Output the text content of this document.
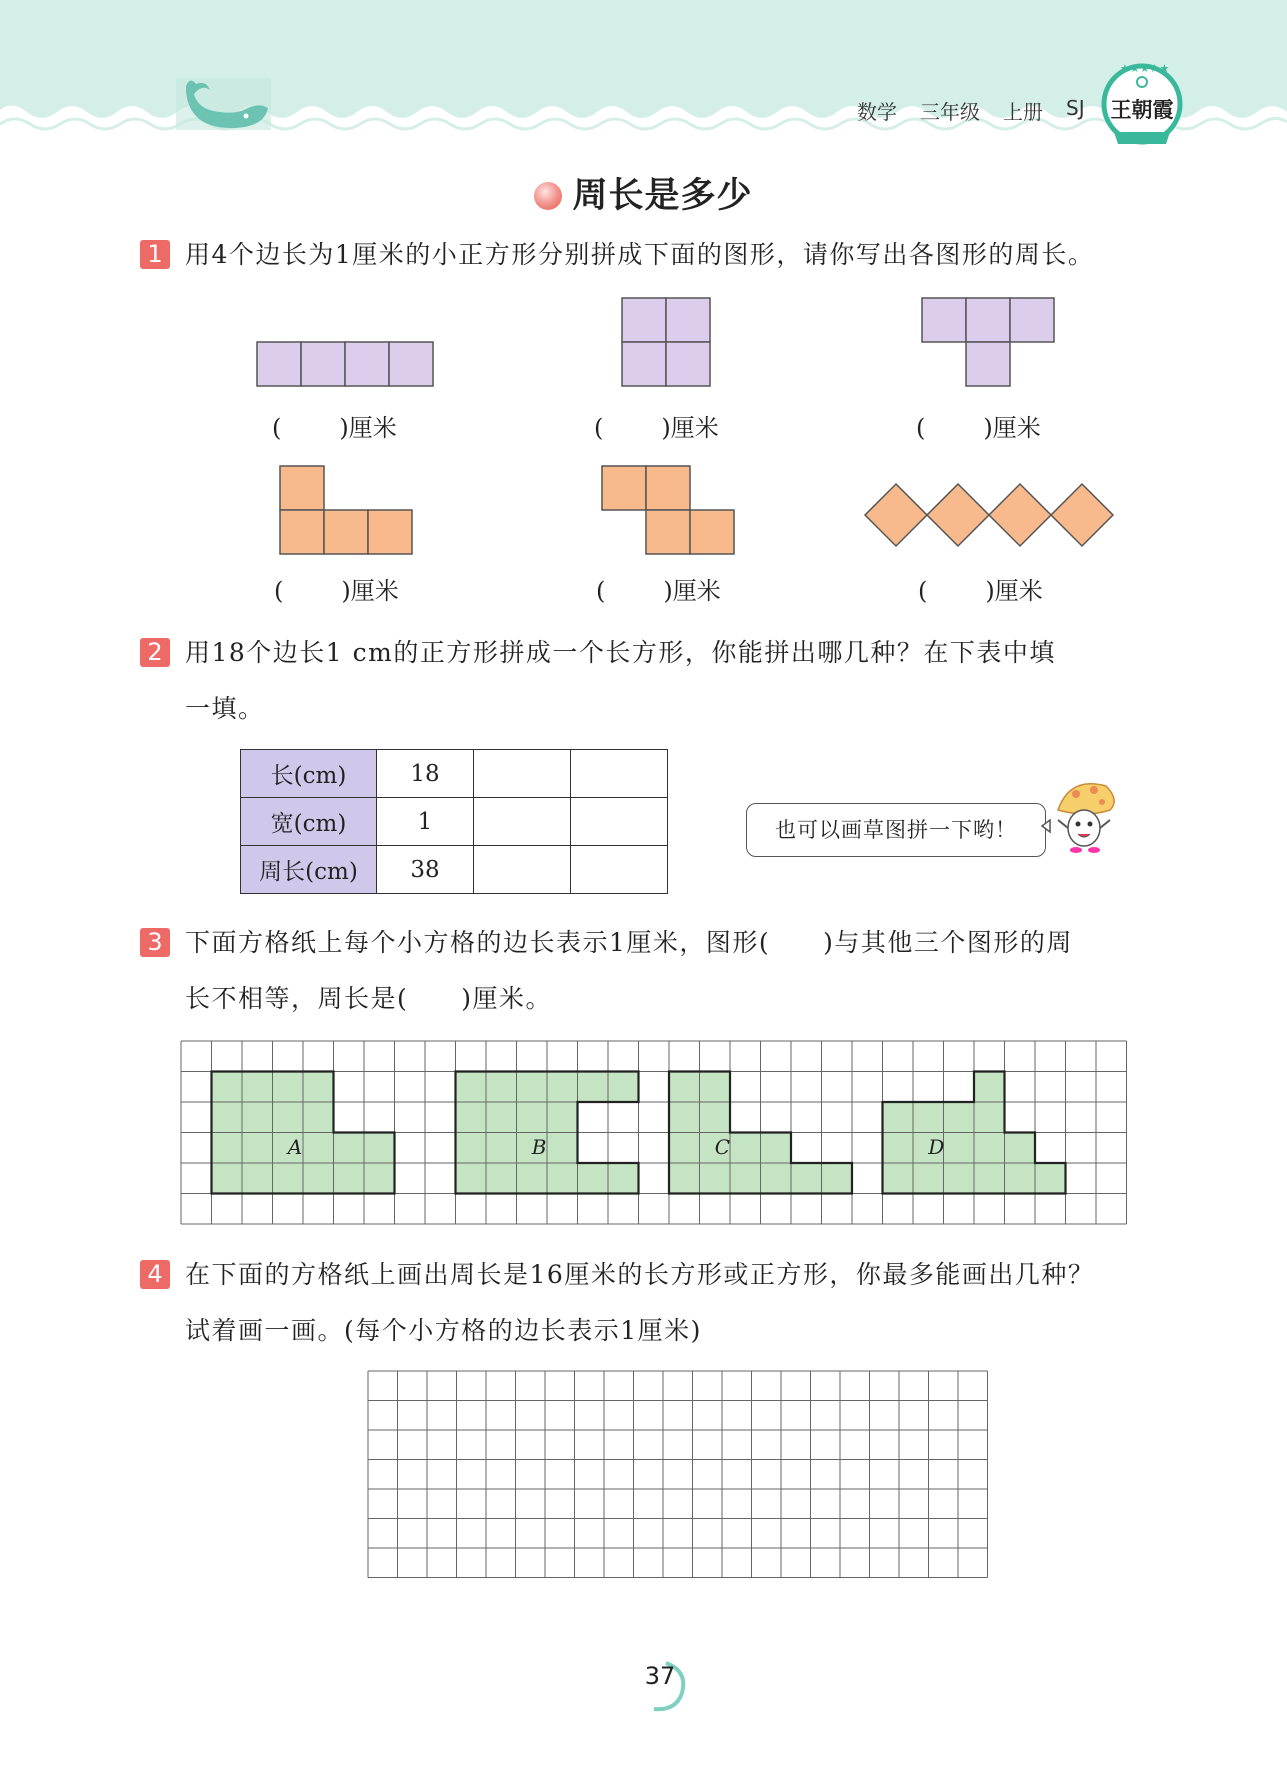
数学 三年级 上册 SJ
★★★★★
王朝霞
周长是多少
1 用4个边长为1厘米的小正方形分别拼成下面的图形，请你写出各图形的周长。
( )厘米	( )厘米	( )厘米
( )厘米	( )厘米	( )厘米
2 用18个边长1 cm的正方形拼成一个长方形，你能拼出哪几种？在下表中填
一填。
长(cm)	18		
宽(cm)	1		
周长(cm)	38		
也可以画草图拼一下哟！
3 下面方格纸上每个小方格的边长表示1厘米，图形(　　)与其他三个图形的周
长不相等，周长是(　　)厘米。
A	B	C	D
4 在下面的方格纸上画出周长是16厘米的长方形或正方形，你最多能画出几种？
试着画一画。(每个小方格的边长表示1厘米)
37
